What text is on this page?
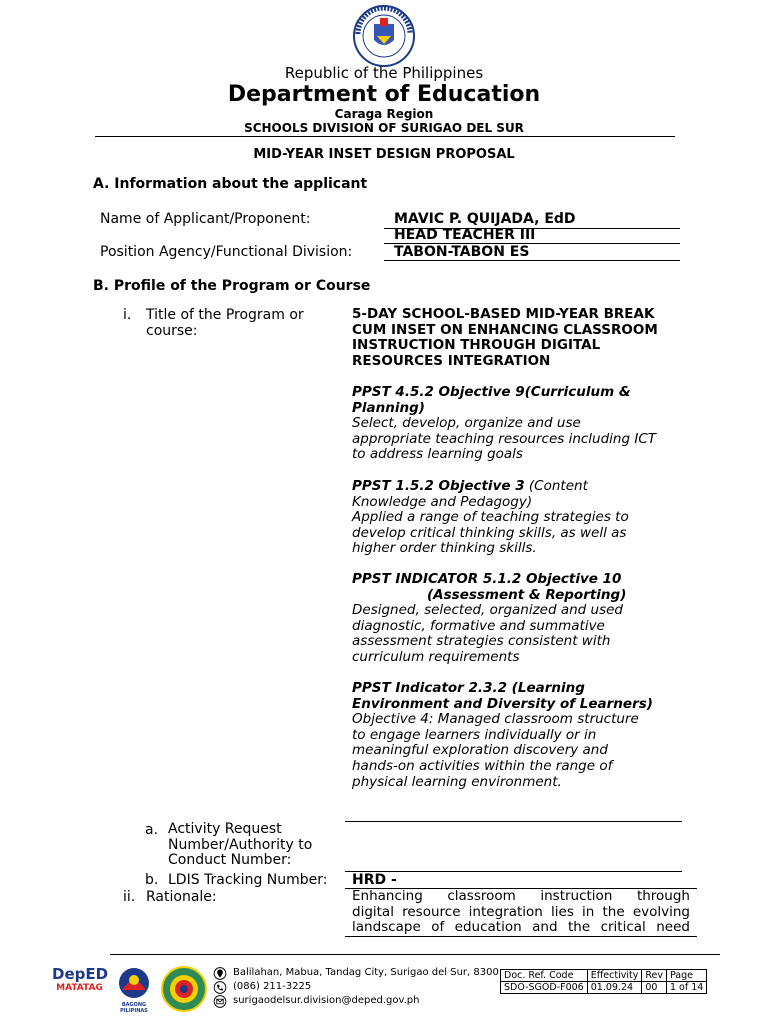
Republic of the Philippines
Department of Education
Caraga Region
SCHOOLS DIVISION OF SURIGAO DEL SUR
MID-YEAR INSET DESIGN PROPOSAL
A. Information about the applicant
Name of Applicant/Proponent:	MAVIC P. QUIJADA, EdD
HEAD TEACHER III
Position Agency/Functional Division:	TABON-TABON ES
B. Profile of the Program or Course
i. Title of the Program or
course:
5-DAY SCHOOL-BASED MID-YEAR BREAK
CUM INSET ON ENHANCING CLASSROOM
INSTRUCTION THROUGH DIGITAL
RESOURCES INTEGRATION
PPST 4.5.2 Objective 9(Curriculum &
Planning)
Select, develop, organize and use
appropriate teaching resources including ICT
to address learning goals
PPST 1.5.2 Objective 3 (Content
Knowledge and Pedagogy)
Applied a range of teaching strategies to
develop critical thinking skills, as well as
higher order thinking skills.
PPST INDICATOR 5.1.2 Objective 10
(Assessment & Reporting)
Designed, selected, organized and used
diagnostic, formative and summative
assessment strategies consistent with
curriculum requirements
PPST Indicator 2.3.2 (Learning
Environment and Diversity of Learners)
Objective 4: Managed classroom structure
to engage learners individually or in
meaningful exploration discovery and
hands-on activities within the range of
physical learning environment.
a. Activity Request
Number/Authority to
Conduct Number:
b. LDIS Tracking Number: HRD -
ii. Rationale:	Enhancing classroom instruction through
digital resource integration lies in the evolving
landscape of education and the critical need
DepED
MATATAG
BAGONG PILIPINAS
Balilahan, Mabua, Tandag City, Surigao del Sur, 8300
(086) 211-3225
surigaodelsur.division@deped.gov.ph
Doc. Ref. Code	Effectivity	Rev	Page
SDO-SGOD-F006	01.09.24	00	1 of 14
